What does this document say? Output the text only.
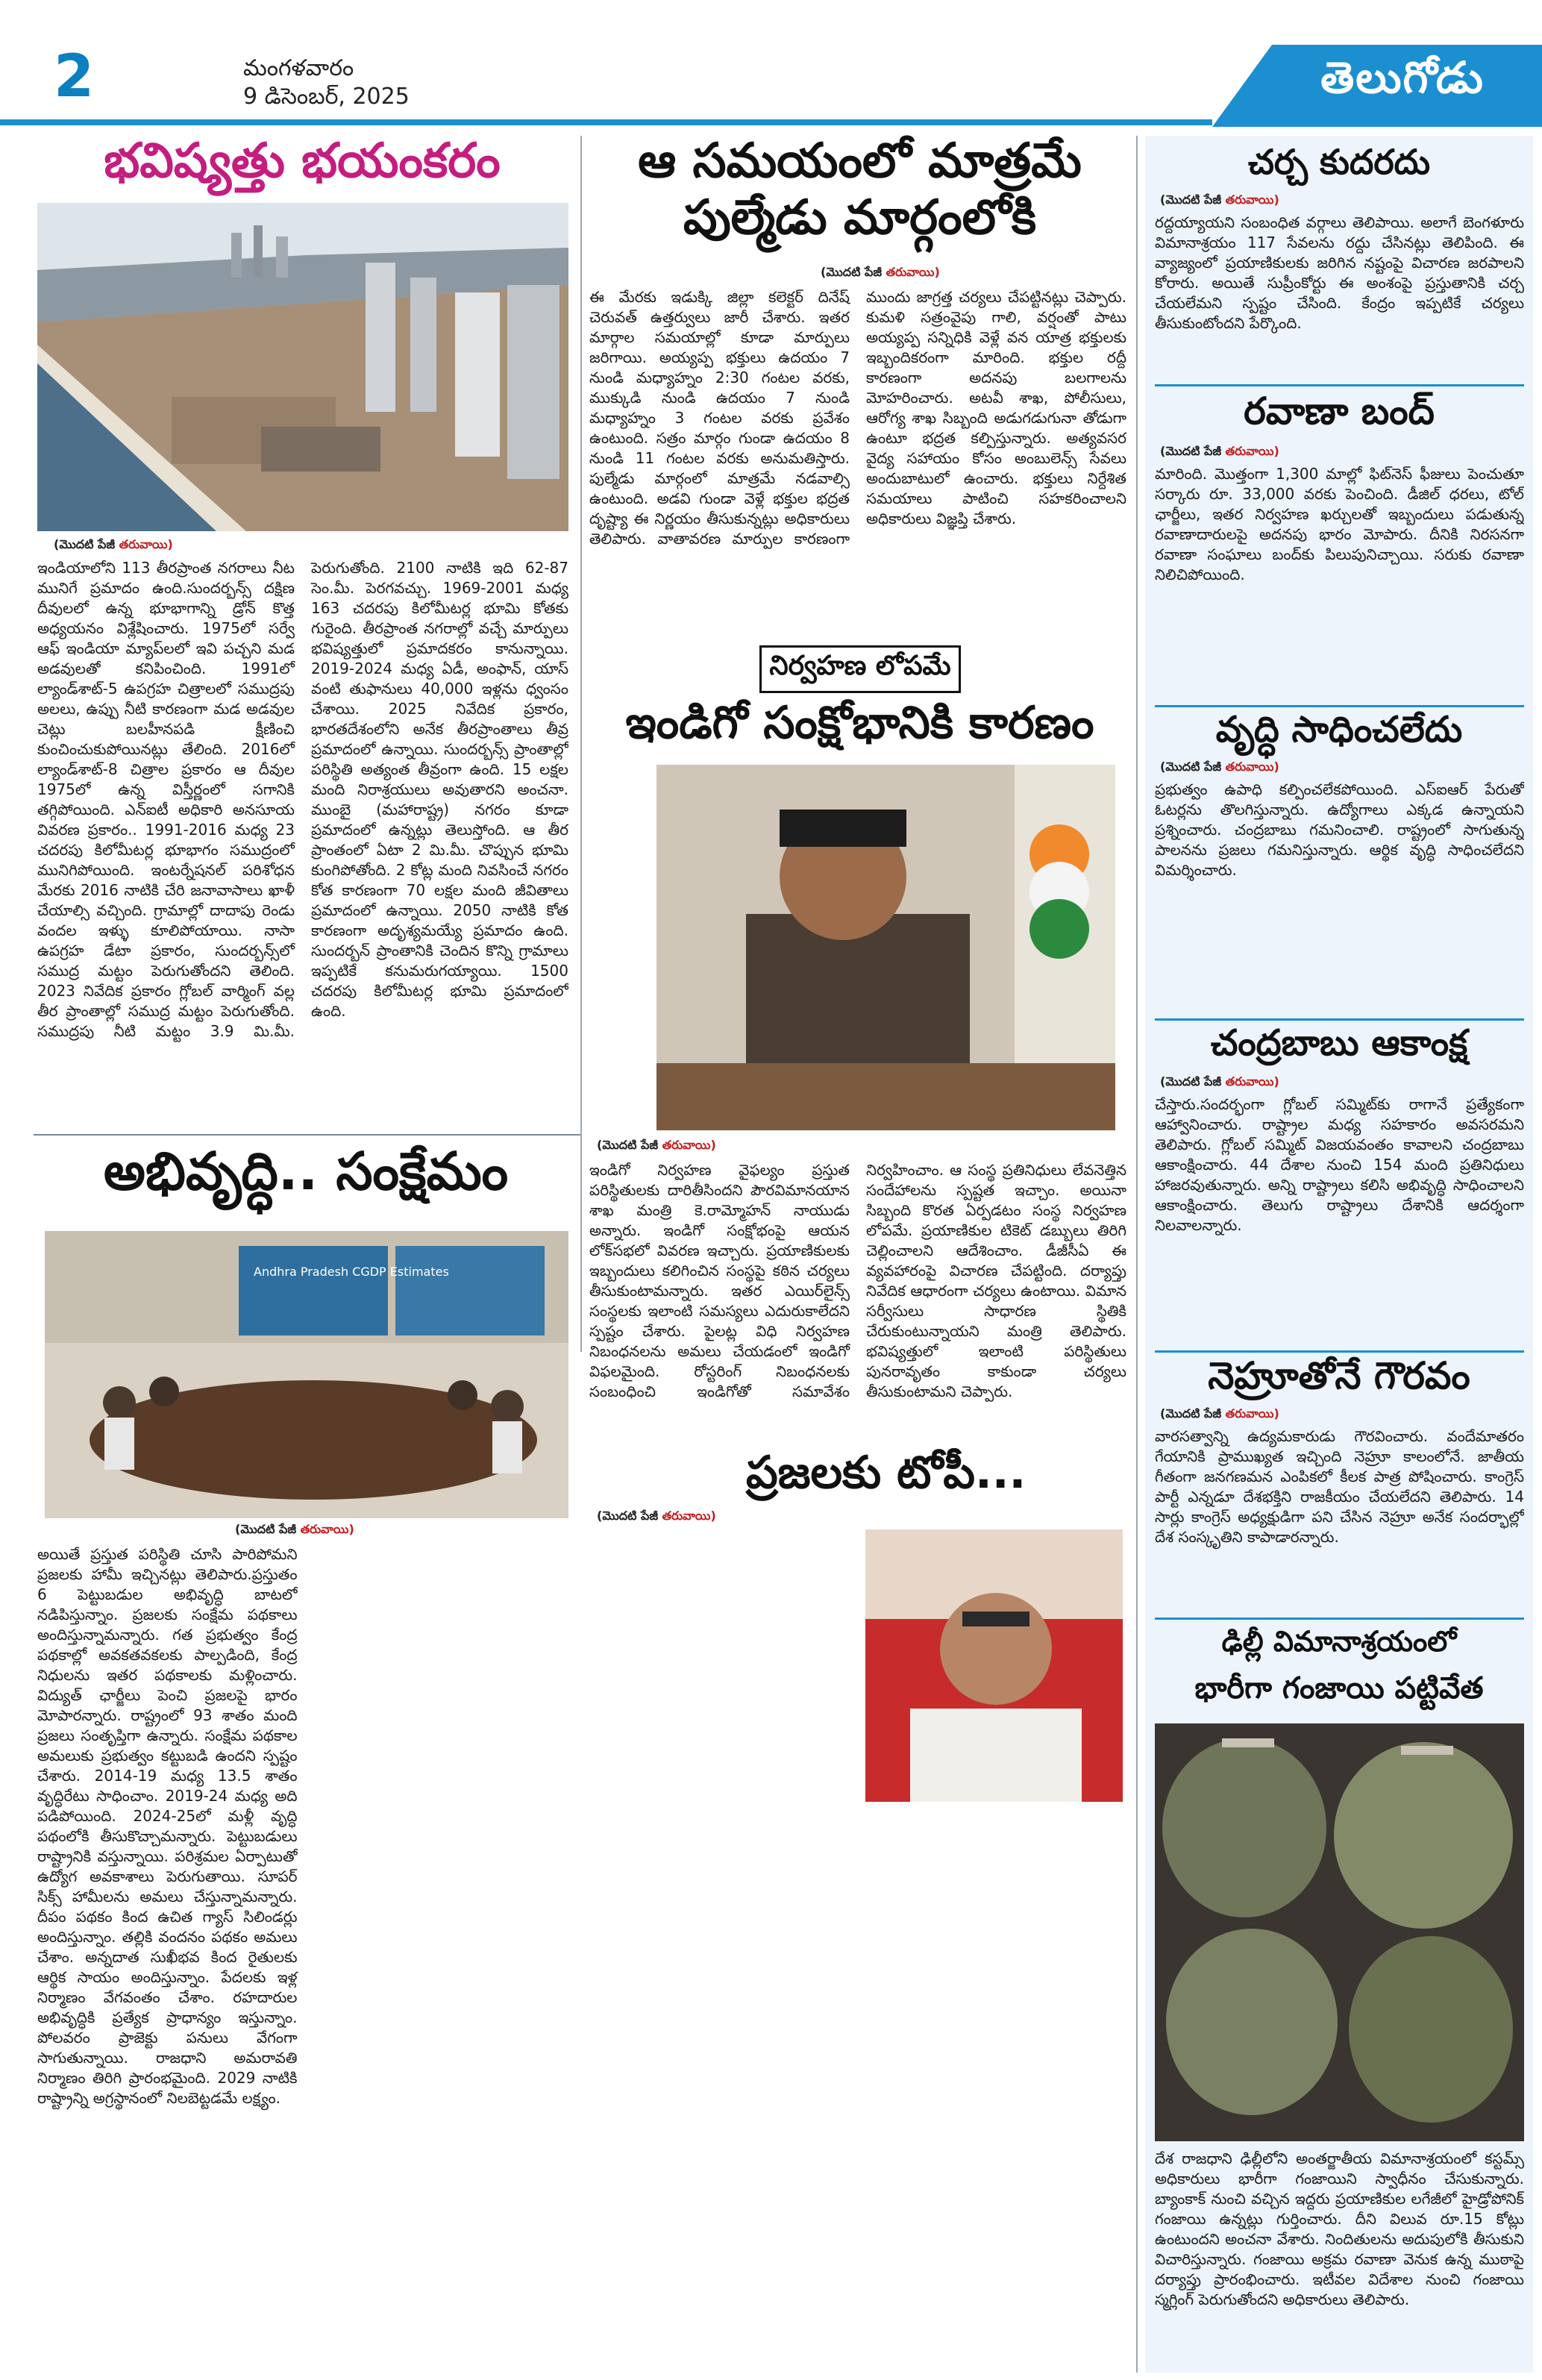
2	మంగళవారం
9 డిసెంబర్, 2025	తెలుగోడు
భవిష్యత్తు భయంకరం
(మొదటి పేజీ తరువాయి)
ఇండియాలోని 113 తీరప్రాంత నగరాలు నీట మునిగే ప్రమాదం ఉంది.సుందర్బన్స్ దక్షిణ దీవులలో ఉన్న భూభాగాన్ని డ్రోన్ కొత్త అధ్యయనం విశ్లేషించారు. 1975లో సర్వే ఆఫ్ ఇండియా మ్యాప్‌లలో ఇవి పచ్చని మడ అడవులతో కనిపించింది. 1991లో ల్యాండ్‌శాట్-5 ఉపగ్రహ చిత్రాలలో సముద్రపు అలలు, ఉప్పు నీటి కారణంగా మడ అడవుల చెట్లు బలహీనపడి క్షీణించి కుంచించుకుపోయినట్లు తేలింది. 2016లో ల్యాండ్‌శాట్-8 చిత్రాల ప్రకారం ఆ దీవుల 1975లో ఉన్న విస్తీర్ణంలో సగానికి తగ్గిపోయింది. ఎన్ఐటీ అధికారి అనసూయ వివరణ ప్రకారం.. 1991-2016 మధ్య 23 చదరపు కిలోమీటర్ల భూభాగం సముద్రంలో మునిగిపోయింది. ఇంటర్నేషనల్ పరిశోధన మేరకు 2016 నాటికి చేరి జనావాసాలు ఖాళీ చేయాల్సి వచ్చింది. గ్రామాల్లో దాదాపు రెండు వందల ఇళ్ళు కూలిపోయాయి. నాసా ఉపగ్రహ డేటా ప్రకారం, సుందర్బన్స్‌లో సముద్ర మట్టం పెరుగుతోందని తెలింది. 2023 నివేదిక ప్రకారం గ్లోబల్ వార్మింగ్ వల్ల తీర ప్రాంతాల్లో సముద్ర మట్టం పెరుగుతోంది. సముద్రపు నీటి మట్టం 3.9 మి.మీ. పెరుగుతోంది. 2100 నాటికి ఇది 62-87 సెం.మీ. పెరగవచ్చు. 1969-2001 మధ్య 163 చదరపు కిలోమీటర్ల భూమి కోతకు గురైంది. తీరప్రాంత నగరాల్లో వచ్చే మార్పులు భవిష్యత్తులో ప్రమాదకరం కానున్నాయి. 2019-2024 మధ్య ఏడీ, అంఫాన్, యాస్ వంటి తుఫానులు 40,000 ఇళ్లను ధ్వంసం చేశాయి. 2025 నివేదిక ప్రకారం, భారతదేశంలోని అనేక తీరప్రాంతాలు తీవ్ర ప్రమాదంలో ఉన్నాయి. సుందర్బన్స్ ప్రాంతాల్లో పరిస్థితి అత్యంత తీవ్రంగా ఉంది. 15 లక్షల మంది నిరాశ్రయులు అవుతారని అంచనా. ముంబై (మహారాష్ట్ర) నగరం కూడా ప్రమాదంలో ఉన్నట్లు తెలుస్తోంది. ఆ తీర ప్రాంతంలో ఏటా 2 మి.మీ. చొప్పున భూమి కుంగిపోతోంది. 2 కోట్ల మంది నివసించే నగరం కోత కారణంగా 70 లక్షల మంది జీవితాలు ప్రమాదంలో ఉన్నాయి. 2050 నాటికి కోత కారణంగా అదృశ్యమయ్యే ప్రమాదం ఉంది. సుందర్బన్ ప్రాంతానికి చెందిన కొన్ని గ్రామాలు ఇప్పటికే కనుమరుగయ్యాయి. 1500 చదరపు కిలోమీటర్ల భూమి ప్రమాదంలో ఉంది.
అభివృద్ధి.. సంక్షేమం
Andhra Pradesh CGDP Estimates
(మొదటి పేజీ తరువాయి)
అయితే ప్రస్తుత పరిస్థితి చూసి పారిపోమని ప్రజలకు హామీ ఇచ్చినట్లు తెలిపారు.ప్రస్తుతం 6 పెట్టుబడుల అభివృద్ధి బాటలో నడిపిస్తున్నాం. ప్రజలకు సంక్షేమ పథకాలు అందిస్తున్నామన్నారు. గత ప్రభుత్వం కేంద్ర పథకాల్లో అవకతవకలకు పాల్పడింది, కేంద్ర నిధులను ఇతర పథకాలకు మళ్లించారు. విద్యుత్ ఛార్జీలు పెంచి ప్రజలపై భారం మోపారన్నారు. రాష్ట్రంలో 93 శాతం మంది ప్రజలు సంతృప్తిగా ఉన్నారు. సంక్షేమ పథకాల అమలుకు ప్రభుత్వం కట్టుబడి ఉందని స్పష్టం చేశారు. 2014-19 మధ్య 13.5 శాతం వృద్ధిరేటు సాధించాం. 2019-24 మధ్య అది పడిపోయింది. 2024-25లో మళ్లీ వృద్ధి పథంలోకి తీసుకొచ్చామన్నారు. పెట్టుబడులు రాష్ట్రానికి వస్తున్నాయి. పరిశ్రమల ఏర్పాటుతో ఉద్యోగ అవకాశాలు పెరుగుతాయి. సూపర్ సిక్స్ హామీలను అమలు చేస్తున్నామన్నారు. దీపం పథకం కింద ఉచిత గ్యాస్ సిలిండర్లు అందిస్తున్నాం. తల్లికి వందనం పథకం అమలు చేశాం. అన్నదాత సుఖీభవ కింద రైతులకు ఆర్థిక సాయం అందిస్తున్నాం. పేదలకు ఇళ్ల నిర్మాణం వేగవంతం చేశాం. రహదారుల అభివృద్ధికి ప్రత్యేక ప్రాధాన్యం ఇస్తున్నాం. పోలవరం ప్రాజెక్టు పనులు వేగంగా సాగుతున్నాయి. రాజధాని అమరావతి నిర్మాణం తిరిగి ప్రారంభమైంది. 2029 నాటికి రాష్ట్రాన్ని అగ్రస్థానంలో నిలబెట్టడమే లక్ష్యం.
ఆ సమయంలో మాత్రమే
పుల్మేడు మార్గంలోకి
(మొదటి పేజీ తరువాయి)
ఈ మేరకు ఇడుక్కి జిల్లా కలెక్టర్ దినేష్ చెరువత్ ఉత్తర్వులు జారీ చేశారు. ఇతర మార్గాల సమయాల్లో కూడా మార్పులు జరిగాయి. అయ్యప్ప భక్తులు ఉదయం 7 నుండి మధ్యాహ్నం 2:30 గంటల వరకు, ముక్కుడి నుండి ఉదయం 7 నుండి మధ్యాహ్నం 3 గంటల వరకు ప్రవేశం ఉంటుంది. సత్రం మార్గం గుండా ఉదయం 8 నుండి 11 గంటల వరకు అనుమతిస్తారు. పుల్మేడు మార్గంలో మాత్రమే నడవాల్సి ఉంటుంది. అడవి గుండా వెళ్లే భక్తుల భద్రత దృష్ట్యా ఈ నిర్ణయం తీసుకున్నట్లు అధికారులు తెలిపారు. వాతావరణ మార్పుల కారణంగా ముందు జాగ్రత్త చర్యలు చేపట్టినట్లు చెప్పారు. కుమళి సత్రంవైపు గాలి, వర్షంతో పాటు అయ్యప్ప సన్నిధికి వెళ్లే వన యాత్ర భక్తులకు ఇబ్బందికరంగా మారింది. భక్తుల రద్దీ కారణంగా అదనపు బలగాలను మోహరించారు. అటవీ శాఖ, పోలీసులు, ఆరోగ్య శాఖ సిబ్బంది అడుగడుగునా తోడుగా ఉంటూ భద్రత కల్పిస్తున్నారు. అత్యవసర వైద్య సహాయం కోసం అంబులెన్స్ సేవలు అందుబాటులో ఉంచారు. భక్తులు నిర్దేశిత సమయాలు పాటించి సహకరించాలని అధికారులు విజ్ఞప్తి చేశారు.
నిర్వహణ లోపమే
ఇండిగో సంక్షోభానికి కారణం
(మొదటి పేజీ తరువాయి)
ఇండిగో నిర్వహణ వైఫల్యం ప్రస్తుత పరిస్థితులకు దారితీసిందని పౌరవిమానయాన శాఖ మంత్రి కె.రామ్మోహన్ నాయుడు అన్నారు. ఇండిగో సంక్షోభంపై ఆయన లోక్‌సభలో వివరణ ఇచ్చారు. ప్రయాణికులకు ఇబ్బందులు కలిగించిన సంస్థపై కఠిన చర్యలు తీసుకుంటామన్నారు. ఇతర ఎయిర్‌లైన్స్ సంస్థలకు ఇలాంటి సమస్యలు ఎదురుకాలేదని స్పష్టం చేశారు. పైలట్ల విధి నిర్వహణ నిబంధనలను అమలు చేయడంలో ఇండిగో విఫలమైంది. రోస్టరింగ్ నిబంధనలకు సంబంధించి ఇండిగోతో సమావేశం నిర్వహించాం. ఆ సంస్థ ప్రతినిధులు లేవనెత్తిన సందేహాలను స్పష్టత ఇచ్చాం. అయినా సిబ్బంది కొరత ఏర్పడటం సంస్థ నిర్వహణ లోపమే. ప్రయాణికుల టికెట్ డబ్బులు తిరిగి చెల్లించాలని ఆదేశించాం. డీజీసీఏ ఈ వ్యవహారంపై విచారణ చేపట్టింది. దర్యాప్తు నివేదిక ఆధారంగా చర్యలు ఉంటాయి. విమాన సర్వీసులు సాధారణ స్థితికి చేరుకుంటున్నాయని మంత్రి తెలిపారు. భవిష్యత్తులో ఇలాంటి పరిస్థితులు పునరావృతం కాకుండా చర్యలు తీసుకుంటామని చెప్పారు.
ప్రజలకు టోపీ...
(మొదటి పేజీ తరువాయి)
చర్చ కుదరదు
(మొదటి పేజీ తరువాయి)
రద్దయ్యాయని సంబంధిత వర్గాలు తెలిపాయి. అలాగే బెంగళూరు విమానాశ్రయం 117 సేవలను రద్దు చేసినట్లు తెలిపింది. ఈ వ్యాజ్యంలో ప్రయాణికులకు జరిగిన నష్టంపై విచారణ జరపాలని కోరారు. అయితే సుప్రీంకోర్టు ఈ అంశంపై ప్రస్తుతానికి చర్చ చేయలేమని స్పష్టం చేసింది. కేంద్రం ఇప్పటికే చర్యలు తీసుకుంటోందని పేర్కొంది.
రవాణా బంద్
(మొదటి పేజీ తరువాయి)
మారింది. మొత్తంగా 1,300 మాల్లో ఫిట్‌నెస్ ఫీజులు పెంచుతూ సర్కారు రూ. 33,000 వరకు పెంచింది. డీజిల్ ధరలు, టోల్ ఛార్జీలు, ఇతర నిర్వహణ ఖర్చులతో ఇబ్బందులు పడుతున్న రవాణాదారులపై అదనపు భారం మోపారు. దీనికి నిరసనగా రవాణా సంఘాలు బంద్‌కు పిలుపునిచ్చాయి. సరుకు రవాణా నిలిచిపోయింది.
వృద్ధి సాధించలేదు
(మొదటి పేజీ తరువాయి)
ప్రభుత్వం ఉపాధి కల్పించలేకపోయింది. ఎస్‌ఐఆర్ పేరుతో ఓటర్లను తొలగిస్తున్నారు. ఉద్యోగాలు ఎక్కడ ఉన్నాయని ప్రశ్నించారు. చంద్రబాబు గమనించాలి. రాష్ట్రంలో సాగుతున్న పాలనను ప్రజలు గమనిస్తున్నారు. ఆర్థిక వృద్ధి సాధించలేదని విమర్శించారు.
చంద్రబాబు ఆకాంక్ష
(మొదటి పేజీ తరువాయి)
చేస్తారు.సందర్భంగా గ్లోబల్ సమ్మిట్‌కు రాగానే ప్రత్యేకంగా ఆహ్వానించారు. రాష్ట్రాల మధ్య సహకారం అవసరమని తెలిపారు. గ్లోబల్ సమ్మిట్ విజయవంతం కావాలని చంద్రబాబు ఆకాంక్షించారు. 44 దేశాల నుంచి 154 మంది ప్రతినిధులు హాజరవుతున్నారు. అన్ని రాష్ట్రాలు కలిసి అభివృద్ధి సాధించాలని ఆకాంక్షించారు. తెలుగు రాష్ట్రాలు దేశానికి ఆదర్శంగా నిలవాలన్నారు.
నెహ్రూతోనే గౌరవం
(మొదటి పేజీ తరువాయి)
వారసత్వాన్ని ఉద్యమకారుడు గౌరవించారు. వందేమాతరం గేయానికి ప్రాముఖ్యత ఇచ్చింది నెహ్రూ కాలంలోనే. జాతీయ గీతంగా జనగణమన ఎంపికలో కీలక పాత్ర పోషించారు. కాంగ్రెస్ పార్టీ ఎన్నడూ దేశభక్తిని రాజకీయం చేయలేదని తెలిపారు. 14 సార్లు కాంగ్రెస్ అధ్యక్షుడిగా పని చేసిన నెహ్రూ అనేక సందర్భాల్లో దేశ సంస్కృతిని కాపాడారన్నారు.
ఢిల్లీ విమానాశ్రయంలో
భారీగా గంజాయి పట్టివేత
దేశ రాజధాని ఢిల్లీలోని అంతర్జాతీయ విమానాశ్రయంలో కస్టమ్స్ అధికారులు భారీగా గంజాయిని స్వాధీనం చేసుకున్నారు. బ్యాంకాక్ నుంచి వచ్చిన ఇద్దరు ప్రయాణికుల లగేజీలో హైడ్రోపోనిక్ గంజాయి ఉన్నట్లు గుర్తించారు. దీని విలువ రూ.15 కోట్లు ఉంటుందని అంచనా వేశారు. నిందితులను అదుపులోకి తీసుకుని విచారిస్తున్నారు. గంజాయి అక్రమ రవాణా వెనుక ఉన్న ముఠాపై దర్యాప్తు ప్రారంభించారు. ఇటీవల విదేశాల నుంచి గంజాయి స్మగ్లింగ్ పెరుగుతోందని అధికారులు తెలిపారు.
